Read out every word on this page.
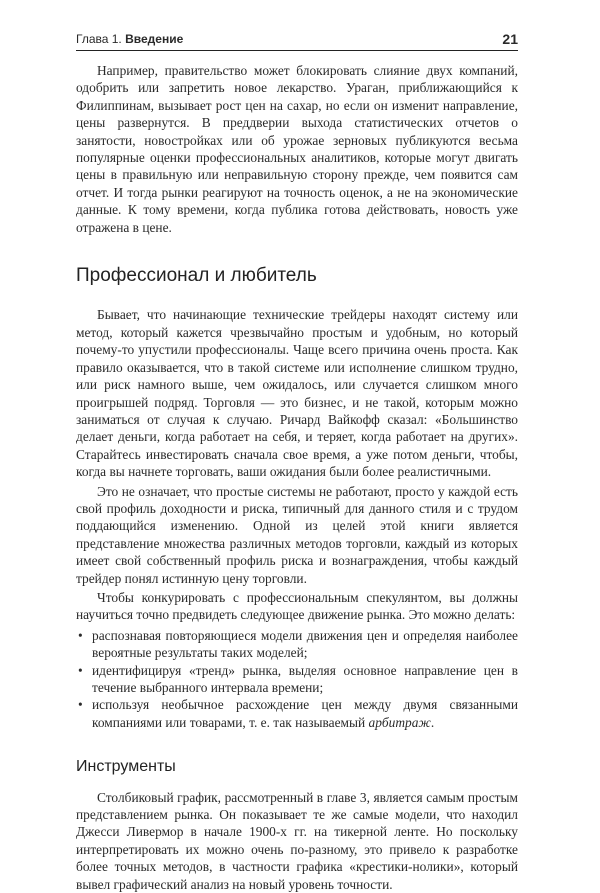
Глава 1. Введение	21

Например, правительство может блокировать слияние двух компаний, одобрить или запретить новое лекарство. Ураган, приближающийся к Филиппинам, вызывает рост цен на сахар, но если он изменит направление, цены развернутся. В преддверии выхода статистических отчетов о занятости, новостройках или об урожае зерновых публикуются весьма популярные оценки профессиональных аналитиков, которые могут двигать цены в правильную или неправильную сторону прежде, чем появится сам отчет. И тогда рынки реагируют на точность оценок, а не на экономические данные. К тому времени, когда публика готова действовать, новость уже отражена в цене.

Профессионал и любитель

Бывает, что начинающие технические трейдеры находят систему или метод, который кажется чрезвычайно простым и удобным, но который почему-то упустили профессионалы. Чаще всего причина очень проста. Как правило оказывается, что в такой системе или исполнение слишком трудно, или риск намного выше, чем ожидалось, или случается слишком много проигрышей подряд. Торговля — это бизнес, и не такой, которым можно заниматься от случая к случаю. Ричард Вайкофф сказал: «Большинство делает деньги, когда работает на себя, и теряет, когда работает на других». Старайтесь инвестировать сначала свое время, а уже потом деньги, чтобы, когда вы начнете торговать, ваши ожидания были более реалистичными.

Это не означает, что простые системы не работают, просто у каждой есть свой профиль доходности и риска, типичный для данного стиля и с трудом поддающийся изменению. Одной из целей этой книги является представление множества различных методов торговли, каждый из которых имеет свой собственный профиль риска и вознаграждения, чтобы каждый трейдер понял истинную цену торговли.

Чтобы конкурировать с профессиональным спекулянтом, вы должны научиться точно предвидеть следующее движение рынка. Это можно делать:

• распознавая повторяющиеся модели движения цен и определяя наиболее вероятные результаты таких моделей;
• идентифицируя «тренд» рынка, выделяя основное направление цен в течение выбранного интервала времени;
• используя необычное расхождение цен между двумя связанными компаниями или товарами, т. е. так называемый арбитраж.
Инструменты

Столбиковый график, рассмотренный в главе 3, является самым простым представлением рынка. Он показывает те же самые модели, что находил Джесси Ливермор в начале 1900-х гг. на тикерной ленте. Но поскольку интерпретировать их можно очень по-разному, это привело к разработке более точных методов, в частности графика «крестики-нолики», который вывел графический анализ на новый уровень точности.
